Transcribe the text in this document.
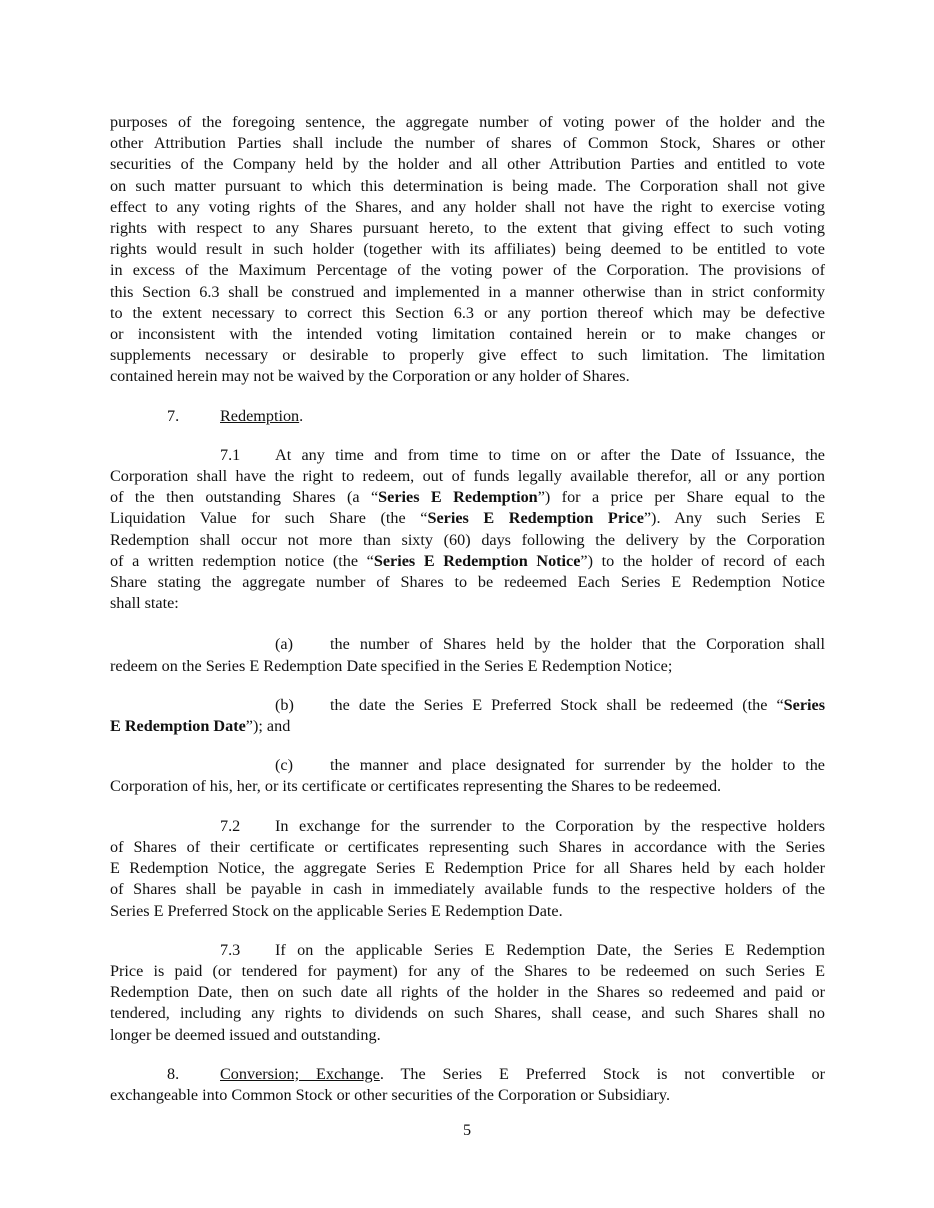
purposes of the foregoing sentence, the aggregate number of voting power of the holder and the
other Attribution Parties shall include the number of shares of Common Stock, Shares or other
securities of the Company held by the holder and all other Attribution Parties and entitled to vote
on such matter pursuant to which this determination is being made. The Corporation shall not give
effect to any voting rights of the Shares, and any holder shall not have the right to exercise voting
rights with respect to any Shares pursuant hereto, to the extent that giving effect to such voting
rights would result in such holder (together with its affiliates) being deemed to be entitled to vote
in excess of the Maximum Percentage of the voting power of the Corporation. The provisions of
this Section 6.3 shall be construed and implemented in a manner otherwise than in strict conformity
to the extent necessary to correct this Section 6.3 or any portion thereof which may be defective
or inconsistent with the intended voting limitation contained herein or to make changes or
supplements necessary or desirable to properly give effect to such limitation. The limitation
contained herein may not be waived by the Corporation or any holder of Shares.
7.	Redemption.
7.1 At any time and from time to time on or after the Date of Issuance, the
Corporation shall have the right to redeem, out of funds legally available therefor, all or any portion
of the then outstanding Shares (a “Series E Redemption”) for a price per Share equal to the
Liquidation Value for such Share (the “Series E Redemption Price”). Any such Series E
Redemption shall occur not more than sixty (60) days following the delivery by the Corporation
of a written redemption notice (the “Series E Redemption Notice”) to the holder of record of each
Share stating the aggregate number of Shares to be redeemed Each Series E Redemption Notice
shall state:
(a) the number of Shares held by the holder that the Corporation shall
redeem on the Series E Redemption Date specified in the Series E Redemption Notice;
(b) the date the Series E Preferred Stock shall be redeemed (the “Series
E Redemption Date”); and
(c) the manner and place designated for surrender by the holder to the
Corporation of his, her, or its certificate or certificates representing the Shares to be redeemed.
7.2 In exchange for the surrender to the Corporation by the respective holders
of Shares of their certificate or certificates representing such Shares in accordance with the Series
E Redemption Notice, the aggregate Series E Redemption Price for all Shares held by each holder
of Shares shall be payable in cash in immediately available funds to the respective holders of the
Series E Preferred Stock on the applicable Series E Redemption Date.
7.3 If on the applicable Series E Redemption Date, the Series E Redemption
Price is paid (or tendered for payment) for any of the Shares to be redeemed on such Series E
Redemption Date, then on such date all rights of the holder in the Shares so redeemed and paid or
tendered, including any rights to dividends on such Shares, shall cease, and such Shares shall no
longer be deemed issued and outstanding.
8.	Conversion; Exchange. The Series E Preferred Stock is not convertible or
exchangeable into Common Stock or other securities of the Corporation or Subsidiary.
5
